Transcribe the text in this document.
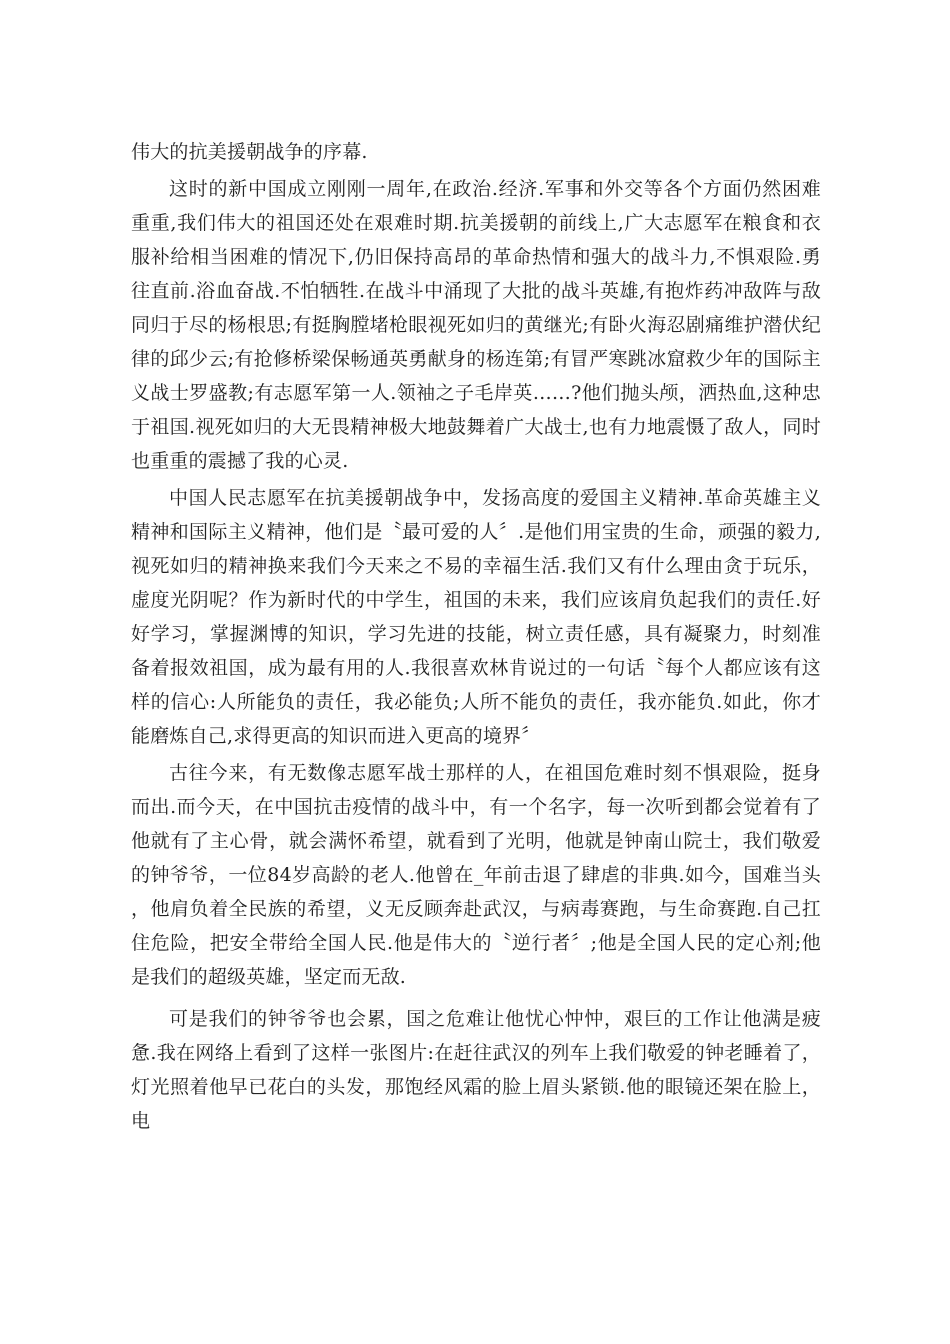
伟大的抗美援朝战争的序幕.

这时的新中国成立刚刚一周年,在政治.经济.军事和外交等各个方面仍然困难重重,我们伟大的祖国还处在艰难时期.抗美援朝的前线上,广大志愿军在粮食和衣服补给相当困难的情况下,仍旧保持高昂的革命热情和强大的战斗力,不惧艰险.勇往直前.浴血奋战.不怕牺牲.在战斗中涌现了大批的战斗英雄,有抱炸药冲敌阵与敌同归于尽的杨根思;有挺胸膛堵枪眼视死如归的黄继光;有卧火海忍剧痛维护潜伏纪律的邱少云;有抢修桥梁保畅通英勇献身的杨连第;有冒严寒跳冰窟救少年的国际主义战士罗盛教;有志愿军第一人.领袖之子毛岸英……?他们抛头颅，洒热血,这种忠于祖国.视死如归的大无畏精神极大地鼓舞着广大战士,也有力地震慑了敌人，同时也重重的震撼了我的心灵.

中国人民志愿军在抗美援朝战争中，发扬高度的爱国主义精神.革命英雄主义精神和国际主义精神，他们是〝最可爱的人〞.是他们用宝贵的生命，顽强的毅力,视死如归的精神换来我们今天来之不易的幸福生活.我们又有什么理由贪于玩乐，虚度光阴呢？作为新时代的中学生，祖国的未来，我们应该肩负起我们的责任.好好学习，掌握渊博的知识，学习先进的技能，树立责任感，具有凝聚力，时刻准备着报效祖国，成为最有用的人.我很喜欢林肯说过的一句话〝每个人都应该有这样的信心:人所能负的责任，我必能负;人所不能负的责任，我亦能负.如此，你才能磨炼自己,求得更高的知识而进入更高的境界〞

古往今来，有无数像志愿军战士那样的人，在祖国危难时刻不惧艰险，挺身而出.而今天，在中国抗击疫情的战斗中，有一个名字，每一次听到都会觉着有了他就有了主心骨，就会满怀希望，就看到了光明，他就是钟南山院士，我们敬爱的钟爷爷，一位84岁高龄的老人.他曾在_年前击退了肆虐的非典.如今，国难当头，他肩负着全民族的希望，义无反顾奔赴武汉，与病毒赛跑，与生命赛跑.自己扛住危险，把安全带给全国人民.他是伟大的〝逆行者〞;他是全国人民的定心剂;他是我们的超级英雄，坚定而无敌.

可是我们的钟爷爷也会累，国之危难让他忧心忡忡，艰巨的工作让他满是疲惫.我在网络上看到了这样一张图片:在赶往武汉的列车上我们敬爱的钟老睡着了，灯光照着他早已花白的头发，那饱经风霜的脸上眉头紧锁.他的眼镜还架在脸上，电
